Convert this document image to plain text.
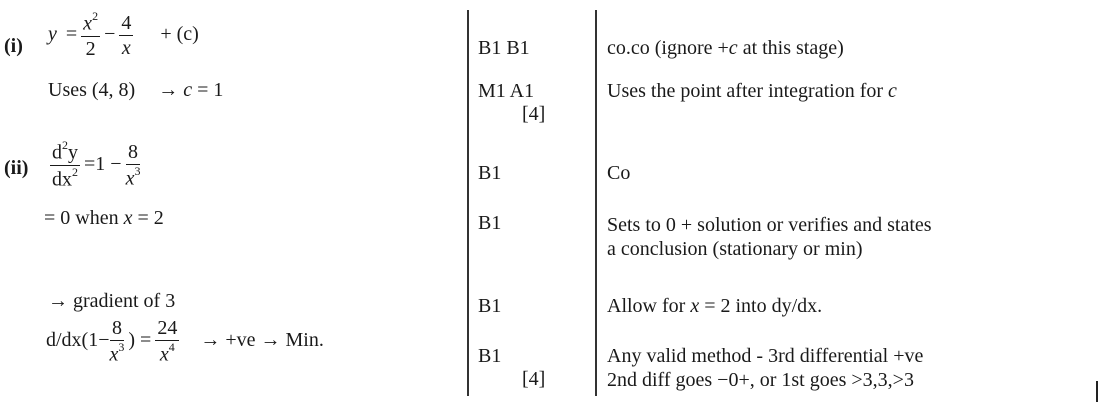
(i)
$y = \frac{x^2}{2} - \frac{4}{x} + (c)$
Uses (4, 8) → c = 1
B1 B1
M1 A1
[4]
co.co (ignore +c at this stage)
Uses the point after integration for c
$(ii) \frac{d^2y}{dx^2} =1 - \frac{8}{x^3}$
= 0 when x = 2
→ gradient of 3
$d/dx(1- \frac{8}{x^3}$ ) = $\frac{24}{x^4} \to +ve$ → Min.
B1
B1
B1
B1
[4]
Co
Sets to 0 + solution or verifies and states
a conclusion (stationary or min)
Allow for x = 2 into dy/dx.
Any valid method - 3rd differential +ve
2nd diff goes −0+, or 1st goes >3,3,>3
